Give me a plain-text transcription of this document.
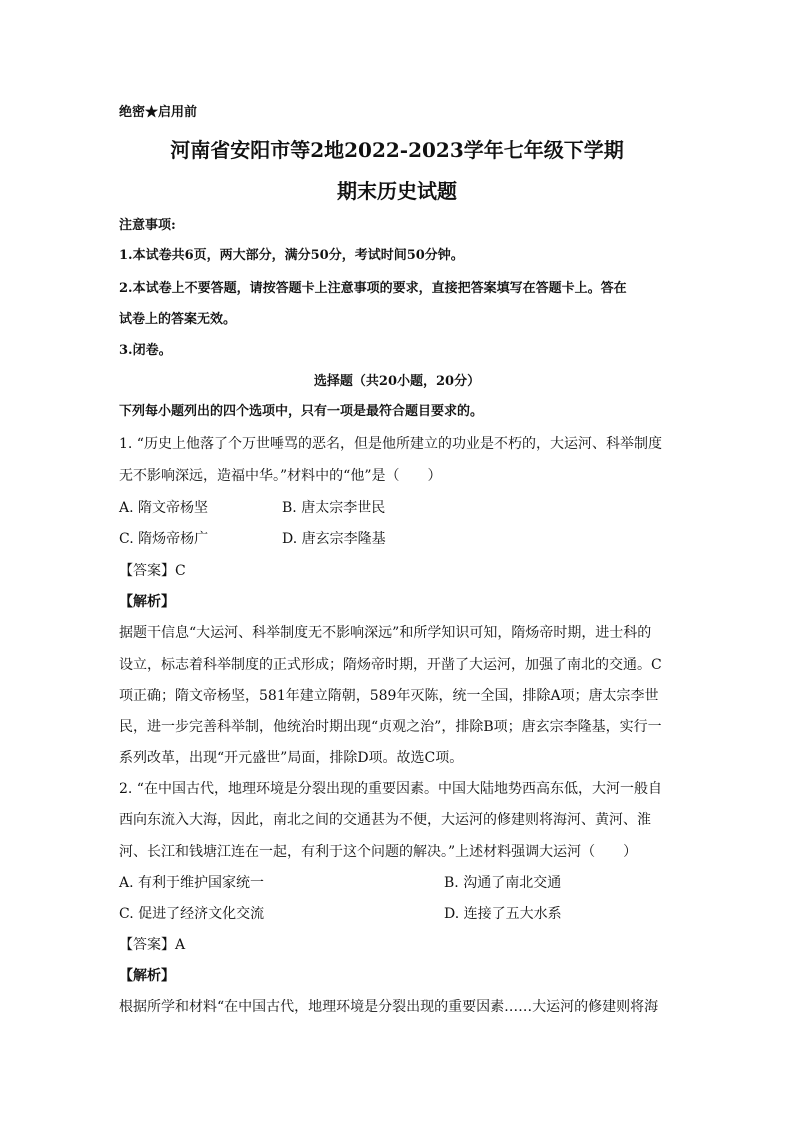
绝密★启用前
河南省安阳市等2地2022-2023学年七年级下学期
期末历史试题
注意事项:
1.本试卷共6页，两大部分，满分50分，考试时间50分钟。
2.本试卷上不要答题，请按答题卡上注意事项的要求，直接把答案填写在答题卡上。答在
试卷上的答案无效。
3.闭卷。
选择题（共20小题，20分）
下列每小题列出的四个选项中，只有一项是最符合题目要求的。
1. “历史上他落了个万世唾骂的恶名，但是他所建立的功业是不朽的，大运河、科举制度
无不影响深远，造福中华。”材料中的“他”是（　　）
A. 隋文帝杨坚	B. 唐太宗李世民
C. 隋炀帝杨广	D. 唐玄宗李隆基
【答案】C
【解析】
据题干信息“大运河、科举制度无不影响深远”和所学知识可知，隋炀帝时期，进士科的
设立，标志着科举制度的正式形成；隋炀帝时期，开凿了大运河，加强了南北的交通。C
项正确；隋文帝杨坚，581年建立隋朝，589年灭陈，统一全国，排除A项；唐太宗李世
民，进一步完善科举制，他统治时期出现“贞观之治”，排除B项；唐玄宗李隆基，实行一
系列改革，出现“开元盛世”局面，排除D项。故选C项。
2. “在中国古代，地理环境是分裂出现的重要因素。中国大陆地势西高东低，大河一般自
西向东流入大海，因此，南北之间的交通甚为不便，大运河的修建则将海河、黄河、淮
河、长江和钱塘江连在一起，有利于这个问题的解决。”上述材料强调大运河（　　）
A. 有利于维护国家统一	B. 沟通了南北交通
C. 促进了经济文化交流	D. 连接了五大水系
【答案】A
【解析】
根据所学和材料“在中国古代，地理环境是分裂出现的重要因素……大运河的修建则将海
